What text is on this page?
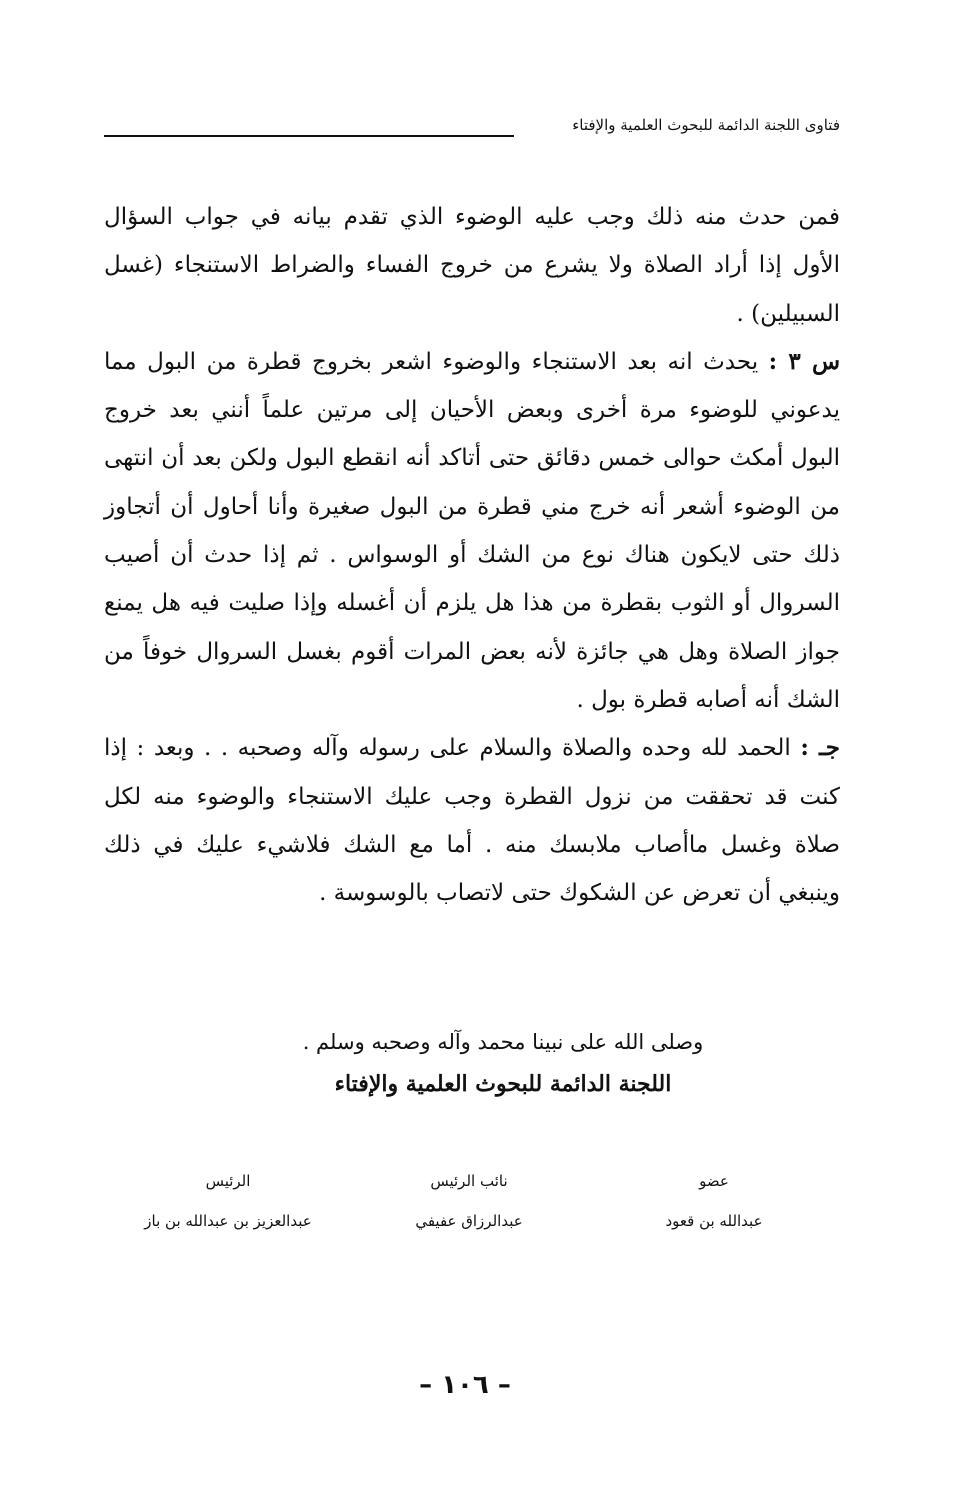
فتاوى اللجنة الدائمة للبحوث العلمية والإفتاء

فمن حدث منه ذلك وجب عليه الوضوء الذي تقدم بيانه في جواب السؤال الأول إذا أراد الصلاة ولا يشرع من خروج الفساء والضراط الاستنجاء (غسل السبيلين) .

س ٣ : يحدث انه بعد الاستنجاء والوضوء اشعر بخروج قطرة من البول مما يدعوني للوضوء مرة أخرى وبعض الأحيان إلى مرتين علماً أنني بعد خروج البول أمكث حوالى خمس دقائق حتى أتاكد أنه انقطع البول ولكن بعد أن انتهى من الوضوء أشعر أنه خرج مني قطرة من البول صغيرة وأنا أحاول أن أتجاوز ذلك حتى لايكون هناك نوع من الشك أو الوسواس . ثم إذا حدث أن أصيب السروال أو الثوب بقطرة من هذا هل يلزم أن أغسله وإذا صليت فيه هل يمنع جواز الصلاة وهل هي جائزة لأنه بعض المرات أقوم بغسل السروال خوفاً من الشك أنه أصابه قطرة بول .

جـ : الحمد لله وحده والصلاة والسلام على رسوله وآله وصحبه . . وبعد : إذا كنت قد تحققت من نزول القطرة وجب عليك الاستنجاء والوضوء منه لكل صلاة وغسل ماأصاب ملابسك منه . أما مع الشك فلاشيء عليك في ذلك وينبغي أن تعرض عن الشكوك حتى لاتصاب بالوسوسة .

وصلى الله على نبينا محمد وآله وصحبه وسلم .
اللجنة الدائمة للبحوث العلمية والإفتاء
الرئيس
عبدالعزيز بن عبدالله بن باز
نائب الرئيس
عبدالرزاق عفيفي
عضو
عبدالله بن قعود
– ١٠٦ –
